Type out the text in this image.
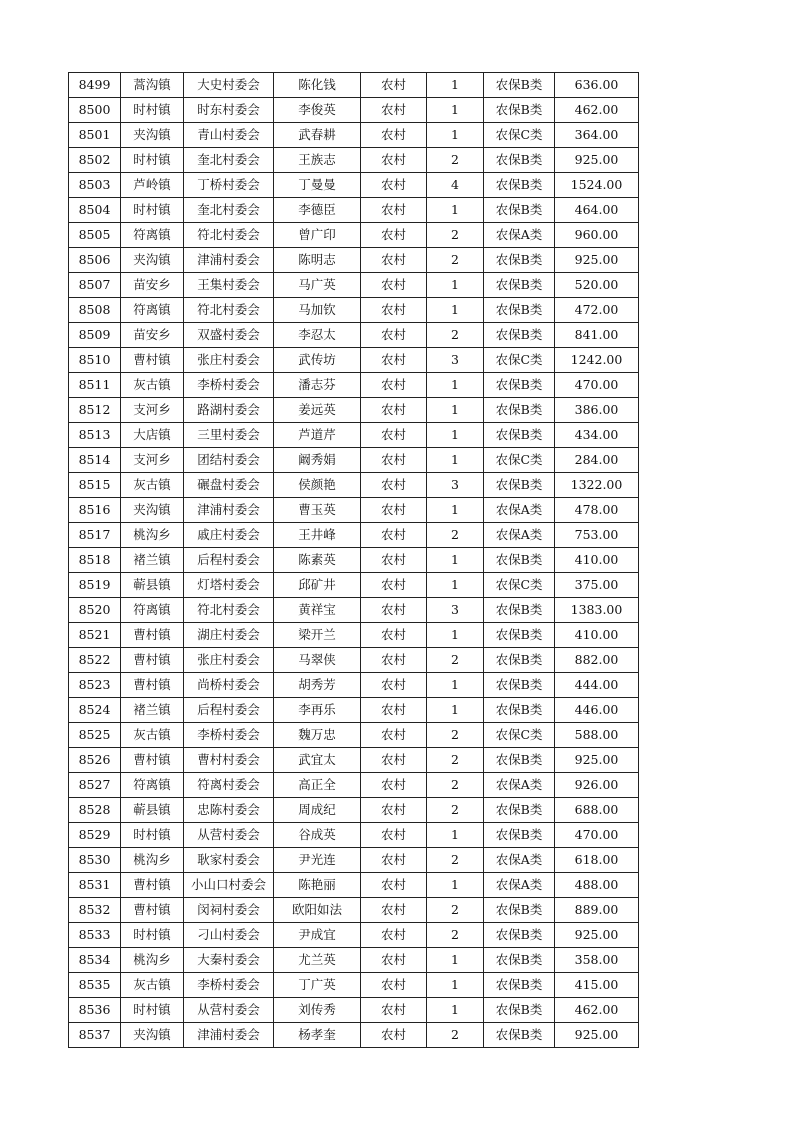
8499	蒿沟镇	大史村委会	陈化钱	农村	1	农保B类	636.00
8500	时村镇	时东村委会	李俊英	农村	1	农保B类	462.00
8501	夹沟镇	青山村委会	武春耕	农村	1	农保C类	364.00
8502	时村镇	奎北村委会	王族志	农村	2	农保B类	925.00
8503	芦岭镇	丁桥村委会	丁曼曼	农村	4	农保B类	1524.00
8504	时村镇	奎北村委会	李德臣	农村	1	农保B类	464.00
8505	符离镇	符北村委会	曾广印	农村	2	农保A类	960.00
8506	夹沟镇	津浦村委会	陈明志	农村	2	农保B类	925.00
8507	苗安乡	王集村委会	马广英	农村	1	农保B类	520.00
8508	符离镇	符北村委会	马加钦	农村	1	农保B类	472.00
8509	苗安乡	双盛村委会	李忍太	农村	2	农保B类	841.00
8510	曹村镇	张庄村委会	武传坊	农村	3	农保C类	1242.00
8511	灰古镇	李桥村委会	潘志芬	农村	1	农保B类	470.00
8512	支河乡	路湖村委会	姜远英	农村	1	农保B类	386.00
8513	大店镇	三里村委会	芦道芹	农村	1	农保B类	434.00
8514	支河乡	团结村委会	阚秀娟	农村	1	农保C类	284.00
8515	灰古镇	碾盘村委会	侯颜艳	农村	3	农保B类	1322.00
8516	夹沟镇	津浦村委会	曹玉英	农村	1	农保A类	478.00
8517	桃沟乡	戚庄村委会	王井峰	农村	2	农保A类	753.00
8518	褚兰镇	后程村委会	陈素英	农村	1	农保B类	410.00
8519	蕲县镇	灯塔村委会	邱矿井	农村	1	农保C类	375.00
8520	符离镇	符北村委会	黄祥宝	农村	3	农保B类	1383.00
8521	曹村镇	湖庄村委会	梁开兰	农村	1	农保B类	410.00
8522	曹村镇	张庄村委会	马翠侠	农村	2	农保B类	882.00
8523	曹村镇	尚桥村委会	胡秀芳	农村	1	农保B类	444.00
8524	褚兰镇	后程村委会	李再乐	农村	1	农保B类	446.00
8525	灰古镇	李桥村委会	魏万忠	农村	2	农保C类	588.00
8526	曹村镇	曹村村委会	武宜太	农村	2	农保B类	925.00
8527	符离镇	符离村委会	高正全	农村	2	农保A类	926.00
8528	蕲县镇	忠陈村委会	周成纪	农村	2	农保B类	688.00
8529	时村镇	从营村委会	谷成英	农村	1	农保B类	470.00
8530	桃沟乡	耿家村委会	尹光连	农村	2	农保A类	618.00
8531	曹村镇	小山口村委会	陈艳丽	农村	1	农保A类	488.00
8532	曹村镇	闵祠村委会	欧阳如法	农村	2	农保B类	889.00
8533	时村镇	刁山村委会	尹成宜	农村	2	农保B类	925.00
8534	桃沟乡	大秦村委会	尤兰英	农村	1	农保B类	358.00
8535	灰古镇	李桥村委会	丁广英	农村	1	农保B类	415.00
8536	时村镇	从营村委会	刘传秀	农村	1	农保B类	462.00
8537	夹沟镇	津浦村委会	杨孝奎	农村	2	农保B类	925.00
